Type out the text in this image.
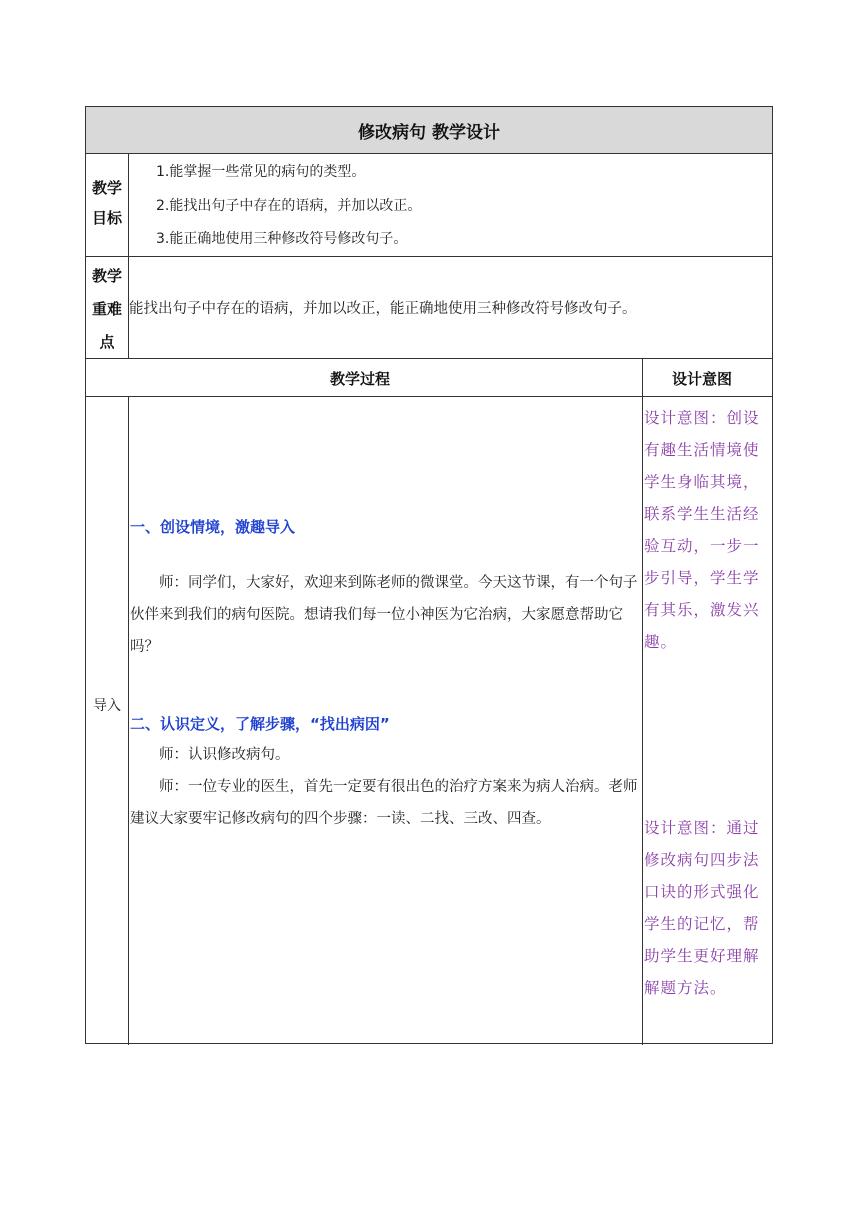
修改病句 教学设计
教学
目标
1.能掌握一些常见的病句的类型。
2.能找出句子中存在的语病，并加以改正。
3.能正确地使用三种修改符号修改句子。
教学
重难
点
能找出句子中存在的语病，并加以改正，能正确地使用三种修改符号修改句子。
教学过程	设计意图
导入
一、创设情境，激趣导入
师：同学们，大家好，欢迎来到陈老师的微课堂。今天这节课，有一个句子伙伴来到我们的病句医院。想请我们每一位小神医为它治病，大家愿意帮助它吗？
二、认识定义，了解步骤，“找出病因”
师：认识修改病句。
师：一位专业的医生，首先一定要有很出色的治疗方案来为病人治病。老师建议大家要牢记修改病句的四个步骤：一读、二找、三改、四查。
设计意图：创设有趣生活情境使学生身临其境，联系学生生活经验互动，一步一步引导，学生学有其乐，激发兴趣。
设计意图：通过修改病句四步法口诀的形式强化学生的记忆，帮助学生更好理解解题方法。
